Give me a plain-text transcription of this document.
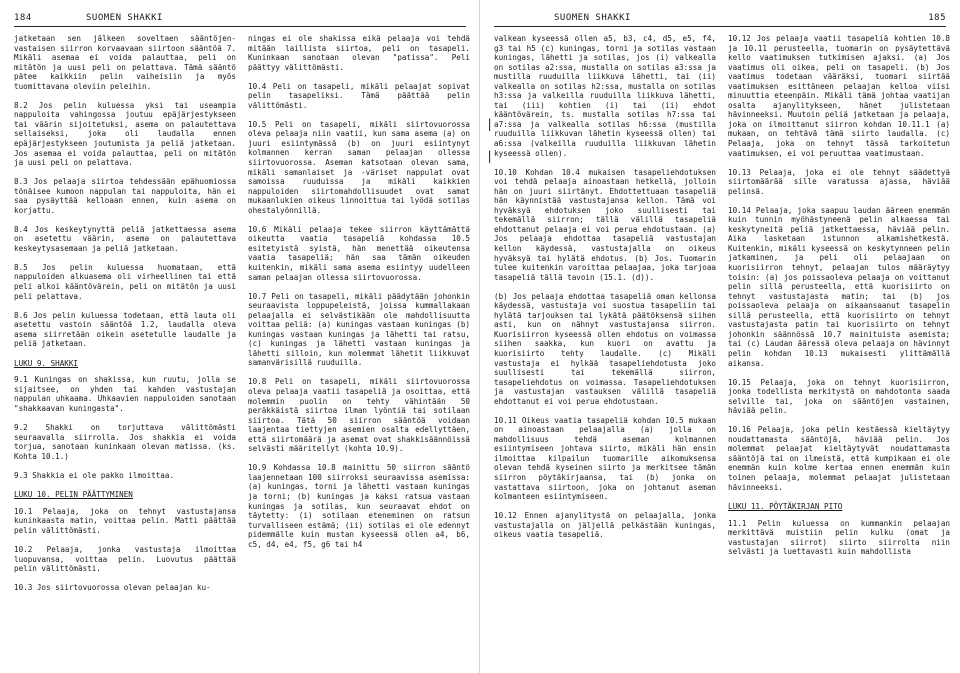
184	SUOMEN SHAKKI

jatketaan sen jälkeen soveltaen sääntöjen-vastaisen siirron korvaavaan siirtoon sääntöä 7. Mikäli asemaa ei voida palauttaa, peli on mitätön ja uusi peli on pelattava. Tämä sääntö pätee kaikkiin pelin vaiheisiin ja myös tuomittavana oleviin peleihin.

8.2 Jos pelin kuluessa yksi tai useampia nappuloita vahingossa joutuu epäjärjestykseen tai väärin sijoitetuksi, asema on palautettava sellaiseksi, joka oli laudalla ennen epäjärjestykseen joutumista ja peliä jatketaan. Jos asemaa ei voida palauttaa, peli on mitätön ja uusi peli on pelattava.

8.3 Jos pelaaja siirtoa tehdessään epähuomiossa tönäisee kumoon nappulan tai nappuloita, hän ei saa pysäyttää kelloaan ennen, kuin asema on korjattu.

8.4 Jos keskeytynyttä peliä jatkettaessa asema on asetettu väärin, asema on palautettava keskeytysasemaan ja peliä jatketaan.

8.5 Jos pelin kuluessa huomataan, että nappuloiden alkuasema oli virheellinen tai että peli alkoi kääntövärein, peli on mitätön ja uusi peli pelattava.

8.6 Jos pelin kuluessa todetaan, että lauta oli asetettu vastoin sääntöä 1.2, laudalla oleva asema siirretään oikein asetetulle laudalle ja peliä jatketaan.

LUKU 9. SHAKKI

9.1 Kuningas on shakissa, kun ruutu, jolla se sijaitsee, on yhden tai kahden vastustajan nappulan uhkaama. Uhkaavien nappuloiden sanotaan "shakkaavan kuningasta".

9.2 Shakki on torjuttava välittömästi seuraavalla siirrolla. Jos shakkia ei voida torjua, sanotaan kuninkaan olevan matissa. (ks. Kohta 10.1.)

9.3 Shakkia ei ole pakko ilmoittaa.

LUKU 10. PELIN PÄÄTTYMINEN

10.1 Pelaaja, joka on tehnyt vastustajansa kuninkaasta matin, voittaa pelin. Matti päättää pelin välittömästi.

10.2 Pelaaja, jonka vastustaja ilmoittaa luopuvansa, voittaa pelin. Luovutus päättää pelin välittömästi.

10.3 Jos siirtovuorossa olevan pelaajan ku-

ningas ei ole shakissa eikä pelaaja voi tehdä mitään laillista siirtoa, peli on tasapeli. Kuninkaan sanotaan olevan "patissa". Peli päättyy välittömästi.

10.4 Peli on tasapeli, mikäli pelaajat sopivat pelin tasapeliksi. Tämä päättää pelin välittömästi.

10.5 Peli on tasapeli, mikäli siirtovuorossa oleva pelaaja niin vaatii, kun sama asema (a) on juuri esiintymässä (b) on juuri esiintynyt kolmannen kerran saman pelaajan ollessa siirtovuorossa. Aseman katsotaan olevan sama, mikäli samanlaiset ja -väriset nappulat ovat samoissa ruuduissa ja mikäli kaikkien nappuloiden siirtomahdollisuudet ovat samat mukaanlukien oikeus linnoittua tai lyödä sotilas ohestalyönnillä.

10.6 Mikäli pelaaja tekee siirron käyttämättä oikeutta vaatia tasapeliä kohdassa 10.5 esitetyistä syistä, hän menettää oikeutensa vaatia tasapeliä; hän saa tämän oikeuden kuitenkin, mikäli sama asema esiintyy uudelleen saman pelaajan ollessa siirtovuorossa.

10.7 Peli on tasapeli, mikäli päädytään johonkin seuraavista loppupeleistä, joissa kummallakaan pelaajalla ei selvästikään ole mahdollisuutta voittaa peliä: (a) kuningas vastaan kuningas (b) kuningas vastaan kuningas ja lähetti tai ratsu, (c) kuningas ja lähetti vastaan kuningas ja lähetti silloin, kun molemmat lähetit liikkuvat samanvärisillä ruuduilla.

10.8 Peli on tasapeli, mikäli siirtovuorossa oleva pelaaja vaatii tasapeliä ja osoittaa, että molemmin puolin on tehty vähintään 50 peräkkäistä siirtoa ilman lyöntiä tai sotilaan siirtoa. Tätä 50 siirron sääntöä voidaan laajentaa tiettyjen asemien osalta edellyttäen, että siirtomäärä ja asemat ovat shakkisäännöissä selvästi määritellyt (kohta 10.9).

10.9 Kohdassa 10.8 mainittu 50 siirron sääntö laajennetaan 100 siirroksi seuraavissa asemissa: (a) kuningas, torni ja lähetti vastaan kuningas ja torni; (b) kuningas ja kaksi ratsua vastaan kuningas ja sotilas, kun seuraavat ehdot on täytetty: (i) sotilaan eteneminen on ratsun turvalliseen estämä; (ii) sotilas ei ole edennyt pidemmälle kuin mustan kyseessä ollen a4, b6, c5, d4, e4, f5, g6 tai h4

SUOMEN SHAKKI	185

valkean kyseessä ollen a5, b3, c4, d5, e5, f4, g3 tai h5 (c) kuningas, torni ja sotilas vastaan kuningas, lähetti ja sotilas, jos (i) valkealla on sotilas a2:ssa, mustalla on sotilas a3:ssa ja mustilla ruuduilla liikkuva lähetti, tai (ii) valkealla on sotilas h2:ssa, mustalla on sotilas h3:ssa ja valkeilla ruuduilla liikkuva lähetti, tai (iii) kohtien (i) tai (ii) ehdot kääntövärein, ts. mustalla sotilas h7:ssa tai a7:ssa ja valkealla sotilas h6:ssa (mustilla ruuduilla liikkuvan lähetin kyseessä ollen) tai a6:ssa (valkeilla ruuduilla liikkuvan lähetin kyseessä ollen).

10.10 Kohdan 10.4 mukaisen tasapeliehdotuksen voi tehdä pelaaja ainoastaan hetkellä, jolloin hän on juuri siirtänyt. Ehdottettuaan tasapeliä hän käynnistää vastustajansa kellon. Tämä voi hyväksyä ehdotuksen joko suullisesti tai tekemällä siirron; tällä välillä tasapeliä ehdottanut pelaaja ei voi perua ehdotustaan. (a) Jos pelaaja ehdottaa tasapeliä vastustajan kellon käydessä, vastustajalla on oikeus hyväksyä tai hylätä ehdotus. (b) Jos. Tuomarin tulee kuitenkin varoittaa pelaajaa, joka tarjoaa tasapeliä tällä tavoin (15.1. (d)).

(b) Jos pelaaja ehdottaa tasapeliä oman kellonsa käydessä, vastustaja voi suostua tasapeliin tai hylätä tarjouksen tai lykätä päätöksensä siihen asti, kun on nähnyt vastustajansa siirron. Kuorisiirron kyseessä ollen ehdotus on voimassa siihen saakka, kun kuori on avattu ja kuorisiirto tehty laudalle. (c) Mikäli vastustaja ei hylkää tasapeliehdotusta joko suullisesti tai tekemällä siirron, tasapeliehdotus on voimassa. Tasapeliehdotuksen ja vastustajan vastauksen välillä tasapeliä ehdottanut ei voi perua ehdotustaan.

10.11 Oikeus vaatia tasapeliä kohdan 10.5 mukaan on ainoastaan pelaajalla (a) jolla on mahdollisuus tehdä aseman kolmannen esiintymiseen johtava siirto, mikäli hän ensin ilmoittaa kilpailun tuomarille aikomuksensa olevan tehdä kyseinen siirto ja merkitsee tämän siirron pöytäkirjaansa, tai (b) jonka on vastattava siirtoon, joka on johtanut aseman kolmanteen esiintymiseen.

10.12 Ennen ajanylitystä on pelaajalla, jonka vastustajalla on jäljellä pelkästään kuningas, oikeus vaatia tasapeliä.

10.12 Jos pelaaja vaatii tasapeliä kohtien 10.8 ja 10.11 perusteella, tuomarin on pysäytettävä kello vaatimuksen tutkimisen ajaksi. (a) Jos vaatimus oli oikea, peli on tasapeli. (b) Jos vaatimus todetaan vääräksi, tuomari siirtää vaatimuksen esittäneen pelaajan kelloa viisi minuuttia eteenpäin. Mikäli tämä johtaa vaatijan osalta ajanylitykseen, hänet julistetaan hävinneeksi. Muutoin peliä jatketaan ja pelaaja, joka on ilmoittanut siirron kohdan 10.11.1 (a) mukaan, on tehtävä tämä siirto laudalla. (c) Pelaaja, joka on tehnyt tässä tarkoitetun vaatimuksen, ei voi peruuttaa vaatimustaan.

10.13 Pelaaja, joka ei ole tehnyt säädettyä siirtomäärää sille varatussa ajassa, häviää pelinsä.

10.14 Pelaaja, joka saapuu laudan ääreen enemmän kuin tunnin myöhästyneenä pelin alkaessa tai keskytyneitä peliä jatkettaessa, häviää pelin. Aika lasketaan istunnon alkamishetkestä. Kuitenkin, mikäli kyseessä on keskytynneen pelin jatkaminen, ja peli oli pelaajaan on kuorisiirron tehnyt, pelaajan tulos määräytyy toisin: (a) jos poissaoleva pelaaja on voittanut pelin sillä perusteella, että kuorisiirto on tehnyt vastustajasta matin; tai (b) jos poissaoleva pelaaja on aikaansaanut tasapelin sillä perusteella, että kuorisiirto on tehnyt vastustajasta patin tai kuorisiirto on tehnyt johonkin säännössä 10.7 mainituista asemista; tai (c) Laudan ääressä oleva pelaaja on hävinnyt pelin kohdan 10.13 mukaisesti ylittämällä aikansa.

10.15 Pelaaja, joka on tehnyt kuorisiirron, jonka todellista merkitystä on mahdotonta saada selville tai, joka on sääntöjen vastainen, häviää pelin.

10.16 Pelaaja, joka pelin kestäessä kieltäytyy noudattamasta sääntöjä, häviää pelin. Jos molemmat pelaajat kieltäytyvät noudattamasta sääntöjä tai on ilmeistä, että kumpikaan ei ole enemmän kuin kolme kertaa ennen enemmän kuin toinen pelaaja, molemmat pelaajat julistetaan hävinneeksi.

LUKU 11. PÖYTÄKIRJAN PITO

11.1 Pelin kuluessa on kummankin pelaajan merkittävä muistiin pelin kulku (omat ja vastustajan siirrot) siirto siirrolta niin selvästi ja luettavasti kuin mahdollista

|
|
